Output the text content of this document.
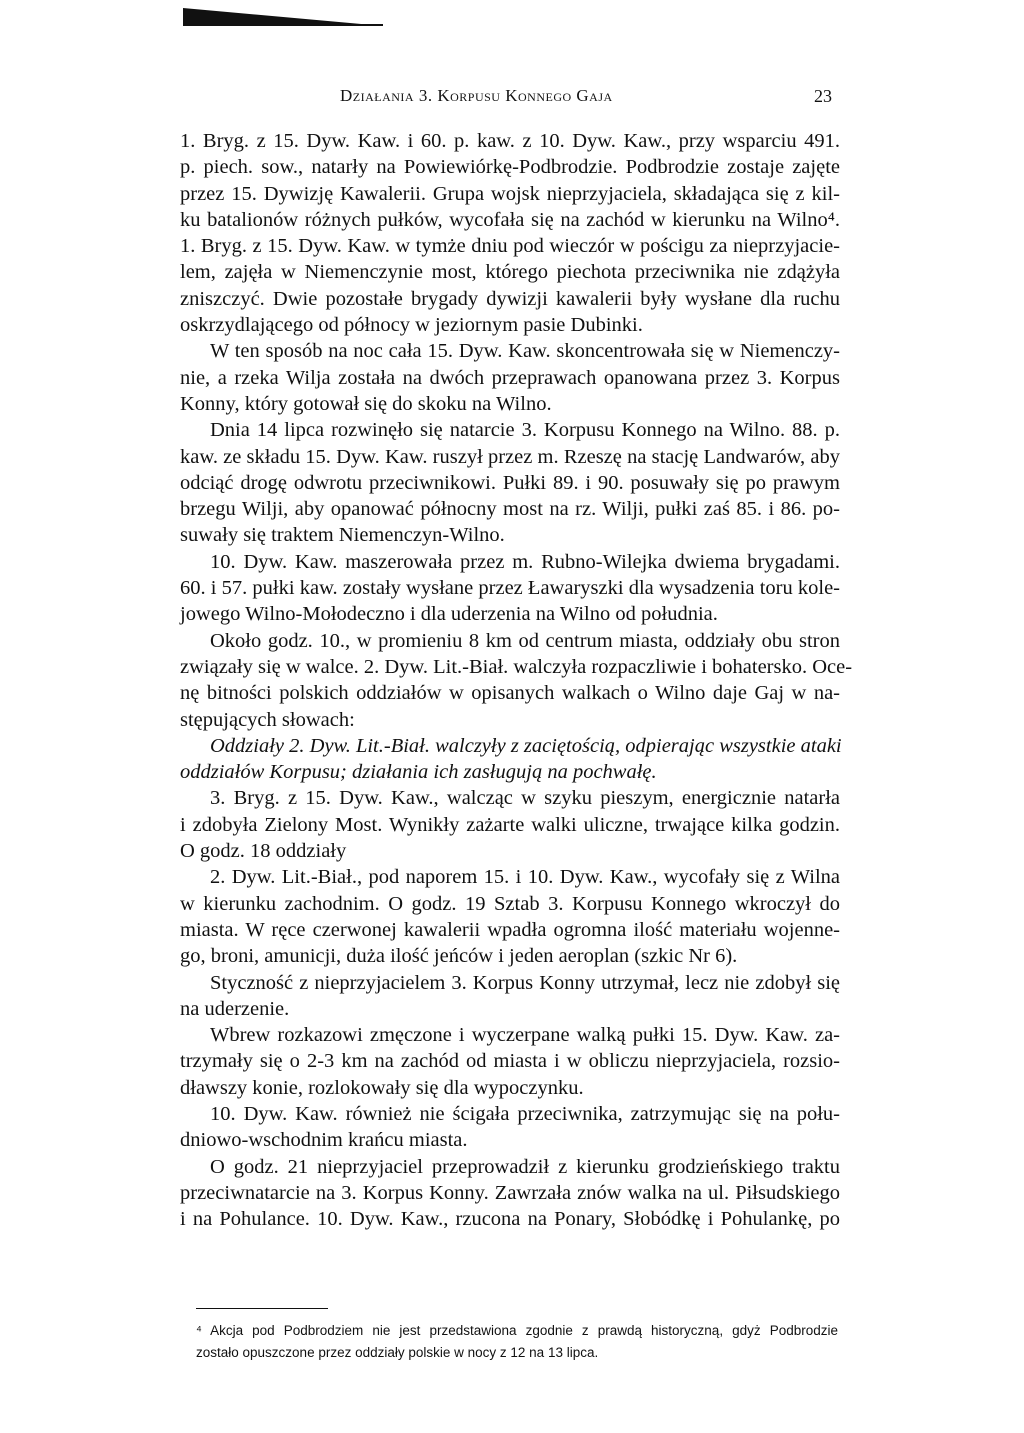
Działania 3. Korpusu Konnego Gaja	23
1. Bryg. z 15. Dyw. Kaw. i 60. p. kaw. z 10. Dyw. Kaw., przy wsparciu 491.
p. piech. sow., natarły na Powiewiórkę-Podbrodzie. Podbrodzie zostaje zajęte
przez 15. Dywizję Kawalerii. Grupa wojsk nieprzyjaciela, składająca się z kil-
ku batalionów różnych pułków, wycofała się na zachód w kierunku na Wilno⁴.
1. Bryg. z 15. Dyw. Kaw. w tymże dniu pod wieczór w pościgu za nieprzyjacie-
lem, zajęła w Niemenczynie most, którego piechota przeciwnika nie zdążyła
zniszczyć. Dwie pozostałe brygady dywizji kawalerii były wysłane dla ruchu
oskrzydlającego od północy w jeziornym pasie Dubinki.
W ten sposób na noc cała 15. Dyw. Kaw. skoncentrowała się w Niemenczy-
nie, a rzeka Wilja została na dwóch przeprawach opanowana przez 3. Korpus
Konny, który gotował się do skoku na Wilno.
Dnia 14 lipca rozwinęło się natarcie 3. Korpusu Konnego na Wilno. 88. p.
kaw. ze składu 15. Dyw. Kaw. ruszył przez m. Rzeszę na stację Landwarów, aby
odciąć drogę odwrotu przeciwnikowi. Pułki 89. i 90. posuwały się po prawym
brzegu Wilji, aby opanować północny most na rz. Wilji, pułki zaś 85. i 86. po-
suwały się traktem Niemenczyn-Wilno.
10. Dyw. Kaw. maszerowała przez m. Rubno-Wilejka dwiema brygadami.
60. i 57. pułki kaw. zostały wysłane przez Ławaryszki dla wysadzenia toru kole-
jowego Wilno-Mołodeczno i dla uderzenia na Wilno od południa.
Około godz. 10., w promieniu 8 km od centrum miasta, oddziały obu stron
związały się w walce. 2. Dyw. Lit.-Biał. walczyła rozpaczliwie i bohatersko. Oce-
nę bitności polskich oddziałów w opisanych walkach o Wilno daje Gaj w na-
stępujących słowach:
Oddziały 2. Dyw. Lit.-Biał. walczyły z zaciętością, odpierając wszystkie ataki
oddziałów Korpusu; działania ich zasługują na pochwałę.
3. Bryg. z 15. Dyw. Kaw., walcząc w szyku pieszym, energicznie natarła
i zdobyła Zielony Most. Wynikły zażarte walki uliczne, trwające kilka godzin.
O godz. 18 oddziały
2. Dyw. Lit.-Biał., pod naporem 15. i 10. Dyw. Kaw., wycofały się z Wilna
w kierunku zachodnim. O godz. 19 Sztab 3. Korpusu Konnego wkroczył do
miasta. W ręce czerwonej kawalerii wpadła ogromna ilość materiału wojenne-
go, broni, amunicji, duża ilość jeńców i jeden aeroplan (szkic Nr 6).
Styczność z nieprzyjacielem 3. Korpus Konny utrzymał, lecz nie zdobył się
na uderzenie.
Wbrew rozkazowi zmęczone i wyczerpane walką pułki 15. Dyw. Kaw. za-
trzymały się o 2-3 km na zachód od miasta i w obliczu nieprzyjaciela, rozsio-
dławszy konie, rozlokowały się dla wypoczynku.
10. Dyw. Kaw. również nie ścigała przeciwnika, zatrzymując się na połu-
dniowo-wschodnim krańcu miasta.
O godz. 21 nieprzyjaciel przeprowadził z kierunku grodzieńskiego traktu
przeciwnatarcie na 3. Korpus Konny. Zawrzała znów walka na ul. Piłsudskiego
i na Pohulance. 10. Dyw. Kaw., rzucona na Ponary, Słobódkę i Pohulankę, po
⁴ Akcja pod Podbrodziem nie jest przedstawiona zgodnie z prawdą historyczną, gdyż Podbrodzie
zostało opuszczone przez oddziały polskie w nocy z 12 na 13 lipca.
